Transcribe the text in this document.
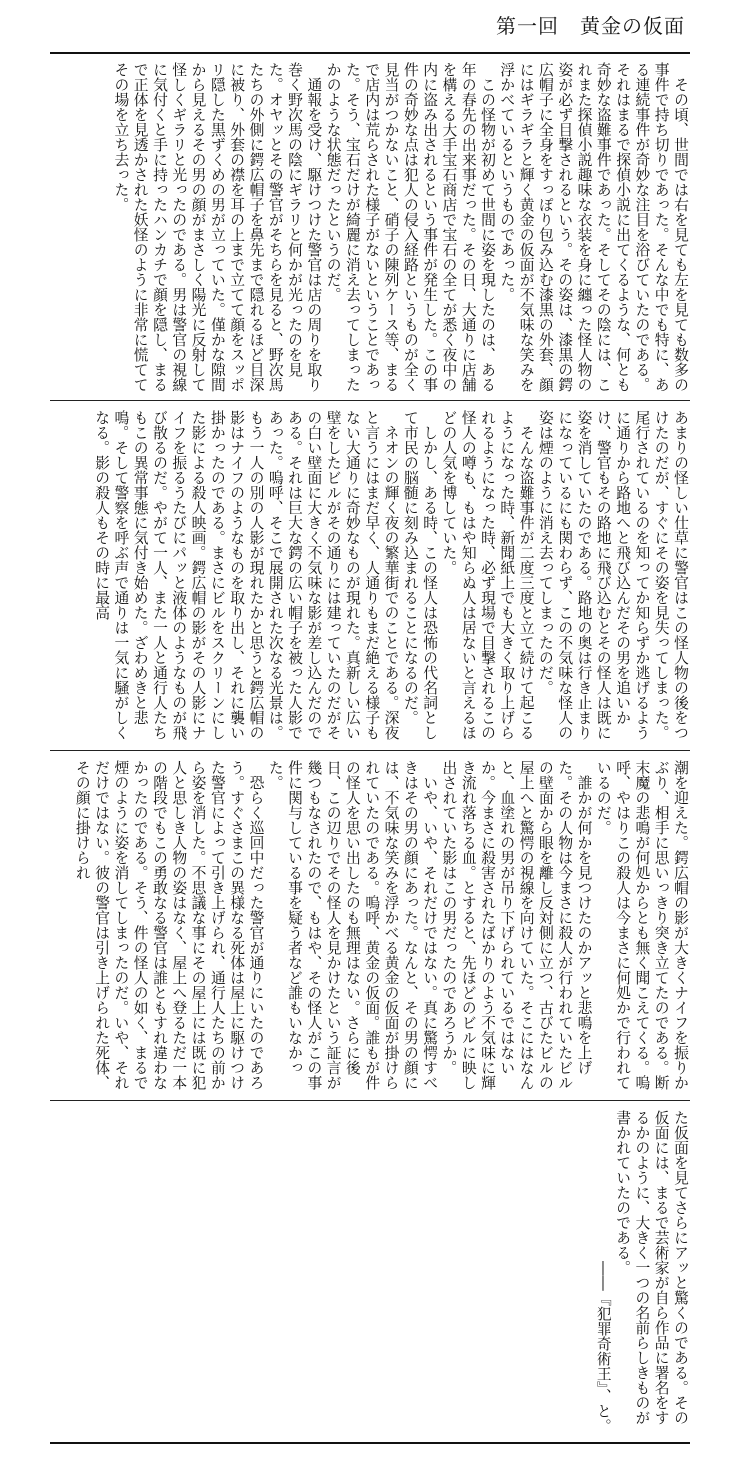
第一回　黄金の仮面

その頃、世間では右を見ても左を見ても数多の事件で持ち切りであった。そんな中でも特に、ある連続事件が奇妙な注目を浴びていたのである。それはまるで探偵小説に出てくるような、何とも奇妙な盗難事件であった。そしてその陰には、これまた探偵小説趣味な衣装を身に纏った怪人物の姿が必ず目撃されるという。その姿は、漆黒の鍔広帽子に全身をすっぽり包み込む漆黒の外套、顔にはギラギラと輝く黄金の仮面が不気味な笑みを浮かべているというものであった。

この怪物が初めて世間に姿を現したのは、ある年の春先の出来事だった。その日、大通りに店舗を構える大手宝石商店で宝石の全てが悉く夜中の内に盗み出されるという事件が発生した。この事件の奇妙な点は犯人の侵入経路というものが全く見当がつかないこと、硝子の陳列ケース等、まるで店内は荒らされた様子がないということであった。そう、宝石だけが綺麗に消え去ってしまったかのような状態だったというのだ。

通報を受け、駆けつけた警官は店の周りを取り巻く野次馬の陰にギラリと何かが光ったのを見た。オヤッとその警官がそちらを見ると、野次馬たちの外側に鍔広帽子を鼻先まで隠れるほど目深に被り、外套の襟を耳の上まで立てて顔をスッポリ隠した黒ずくめの男が立っていた。僅かな隙間から見えるその男の顔がまさしく陽光に反射して怪しくギラリと光ったのである。男は警官の視線に気付くと手に持ったハンカチで顔を隠し、まるで正体を見透かされた妖怪のように非常に慌ててその場を立ち去った。

あまりの怪しい仕草に警官はこの怪人物の後をつけたのだが、すぐにその姿を見失ってしまった。尾行されているのを知ってか知らずか逃げるように通りから路地へと飛び込んだその男を追いかけ、警官もその路地に飛び込むとその怪人は既に姿を消していたのである。路地の奥は行き止まりになっているにも関わらず、この不気味な怪人の姿は煙のように消え去ってしまったのだ。

そんな盗難事件が二度三度と立て続けて起こるようになった時、新聞紙上でも大きく取り上げられるようになった時、必ず現場で目撃されるこの怪人の噂も、もはや知らぬ人は居ないと言えるほどの人気を博していた。

しかし、ある時、この怪人は恐怖の代名詞として市民の脳髄に刻み込まれることになるのだ。

ネオンの輝く夜の繁華街でのことである。深夜と言うにはまだ早く、人通りもまだ絶える様子もない大通りに奇妙なものが現れた。真新しい広い壁をしたビルがその通りには建っていたのだがその白い壁面に大きく不気味な影が差し込んだのである。それは巨大な鍔の広い帽子を被った人影であった。嗚呼、そこで展開された次なる光景は。もう一人の別の人影が現れたかと思うと鍔広帽の影はナイフのようなものを取り出し、それに襲い掛かったのである。まさにビルをスクリーンにした影による殺人映画。鍔広帽の影がその人影にナイフを振るうたびにパッと液体のようなものが飛び散るのだ。やがて一人、また一人と通行人たちもこの異常事態に気付き始めた。ざわめきと悲鳴。そして警察を呼ぶ声で通りは一気に騒がしくなる。影の殺人もその時に最高

潮を迎えた。鍔広帽の影が大きくナイフを振りかぶり、相手に思いっきり突き立てたのである。断末魔の悲鳴が何処からとも無く聞こえてくる。嗚呼、やはりこの殺人は今まさに何処かで行われているのだ。

誰かが何かを見つけたのかアッと悲鳴を上げた。その人物は今まさに殺人が行われていたビルの壁面から眼を離し反対側に立つ、古びたビルの屋上へと驚愕の視線を向けていた。そこにはなんと、血塗れの男が吊り下げられているではないか。今まさに殺害されたばかりのよう不気味に輝き流れ落ちる血。とすると、先ほどのビルに映し出されていた影はこの男だったのであろうか。

いや、いや、それだけではない。真に驚愕すべきはその男の顔にあった。なんと、その男の顔には、不気味な笑みを浮かべる黄金の仮面が掛けられていたのである。嗚呼、黄金の仮面。誰もが件の怪人を思い出したのも無理はない。さらに後日、この辺りでその怪人を見かけたという証言が幾つもなされたので、もはや、その怪人がこの事件に関与している事を疑う者など誰もいなかった。

恐らく巡回中だった警官が通りにいたのであろう。すぐさまこの異様なる死体は屋上に駆けつけた警官によって引き上げられ、通行人たちの前から姿を消した。不思議な事にその屋上には既に犯人と思しき人物の姿はなく、屋上へ登るただ一本の階段でもこの勇敢なる警官は誰ともすれ違わなかったのである。そう、件の怪人の如く、まるで煙のように姿を消してしまったのだ。いや、それだけではない。彼の警官は引き上げられた死体、その顔に掛けられ

た仮面を見てさらにアッと驚くのである。その仮面には、まるで芸術家が自ら作品に署名をするかのように、大きく一つの名前らしきものが書かれていたのである。

――『犯罪奇術王』、と。
